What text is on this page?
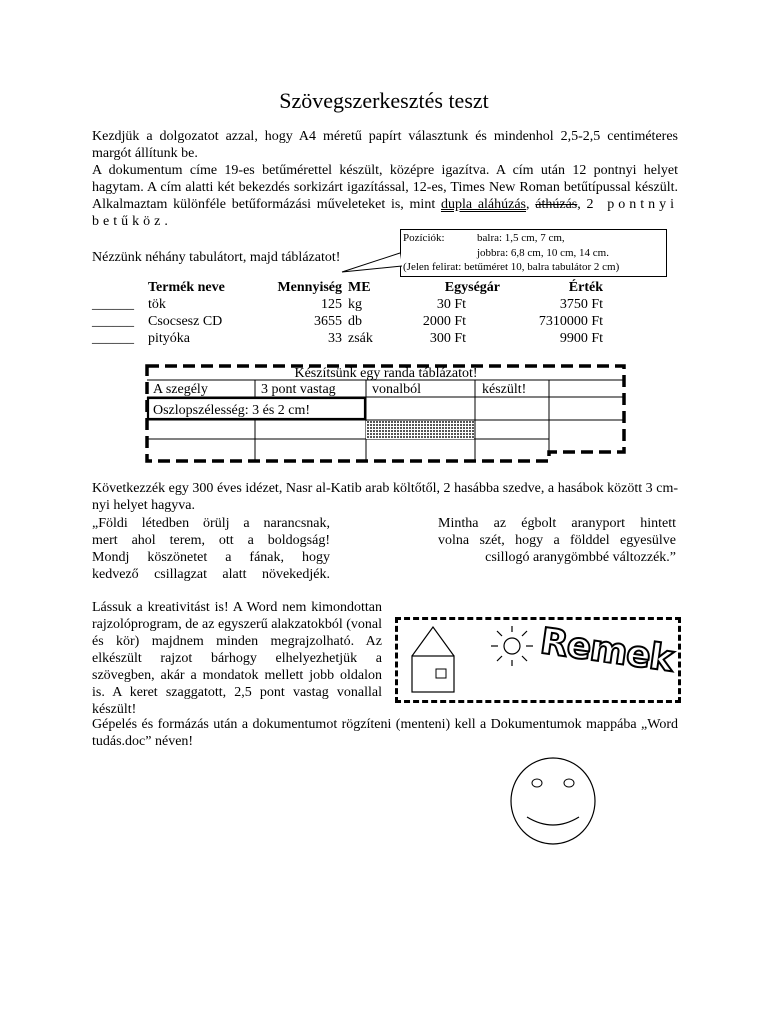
Szövegszerkesztés teszt
Kezdjük a dolgozatot azzal, hogy A4 méretű papírt választunk és mindenhol 2,5-2,5 centiméteres margót állítunk be.
A dokumentum címe 19-es betűmérettel készült, középre igazítva. A cím után 12 pontnyi helyet hagytam. A cím alatti két bekezdés sorkizárt igazítással, 12-es, Times New Roman betűtípussal készült. Alkalmaztam különféle betűformázási műveleteket is, mint dupla aláhúzás, áthúzás, 2 pontnyi betűköz.
Nézzünk néhány tabulátort, majd táblázatot!
Pozíciók:	balra: 1,5 cm, 7 cm,
jobbra: 6,8 cm, 10 cm, 14 cm.
(Jelen felirat: betűméret 10, balra tabulátor 2 cm)
Termék neve	Mennyiség ME	Egységár	Érték
______ tök	125 kg	30 Ft	3750 Ft
______ Csocsesz CD	3655 db	2000 Ft	7310000 Ft
______ pityóka	33 zsák	300 Ft	9900 Ft
Készítsünk egy randa táblázatot!
A szegély	3 pont vastag	vonalból	készült!
Oszlopszélesség: 3 és 2 cm!
Következzék egy 300 éves idézet, Nasr al-Katib arab költőtől, 2 hasábba szedve, a hasábok között 3 cm-nyi helyet hagyva.
„Földi létedben örülj a narancsnak,
mert ahol terem, ott a boldogság!
Mondj köszönetet a fának, hogy
kedvező csillagzat alatt növekedjék.
Mintha az égbolt aranyport hintett
volna szét, hogy a földdel egyesülve
csillogó aranygömbbé változzék.”
Lássuk a kreativitást is! A Word nem kimondottan rajzolóprogram, de az egyszerű alakzatokból (vonal és kör) majdnem minden megrajzolható. Az elkészült rajzot bárhogy elhelyezhetjük a szövegben, akár a mondatok mellett jobb oldalon is. A keret szaggatott, 2,5 pont vastag vonallal készült!
Remek
Gépelés és formázás után a dokumentumot rögzíteni (menteni) kell a Dokumentumok mappába „Word tudás.doc” néven!
